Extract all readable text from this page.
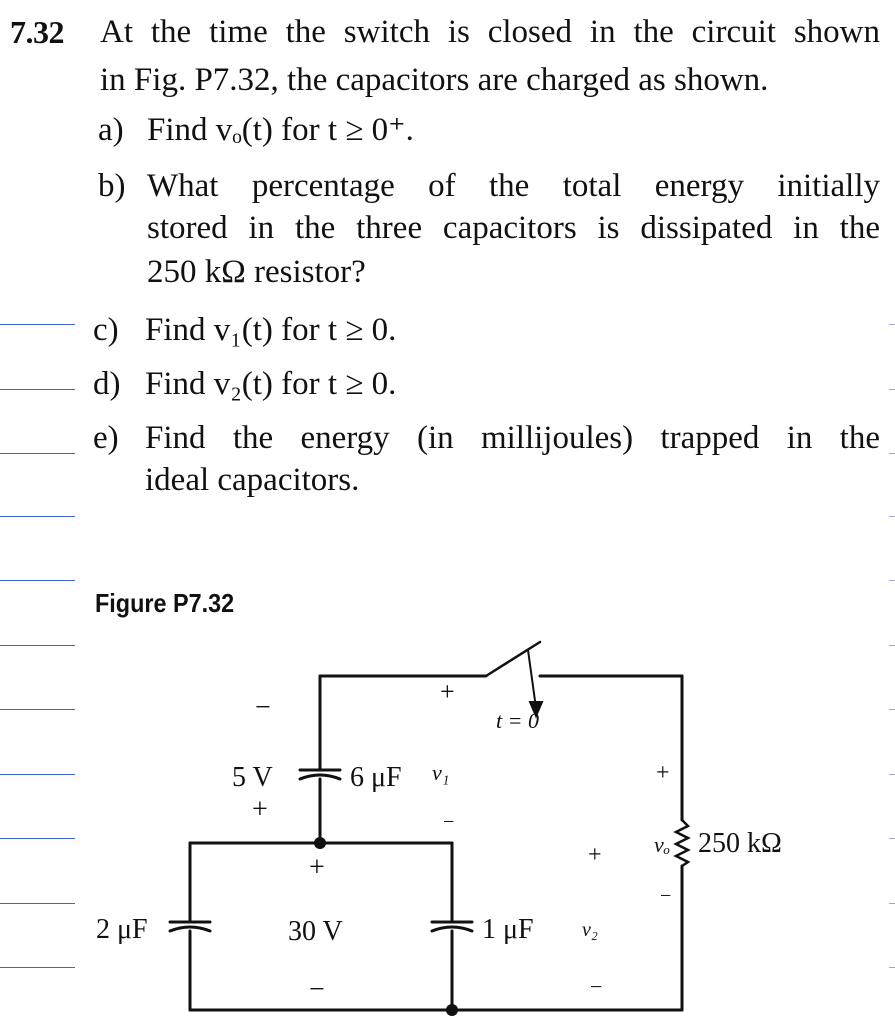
7.32 At the time the switch is closed in the circuit shown
in Fig. P7.32, the capacitors are charged as shown.
a) Find vₒ(t) for t ≥ 0⁺.
b) What percentage of the total energy initially
stored in the three capacitors is dissipated in the
250 kΩ resistor?
c) Find v₁(t) for t ≥ 0.
d) Find v₂(t) for t ≥ 0.
e) Find the energy (in millijoules) trapped in the
ideal capacitors.
Figure P7.32
t = 0
5 V
−
+
6 μF
+
v₁
−
2 μF
+
30 V
−
1 μF
+
v₂
−
+
vₒ
−
250 kΩ
